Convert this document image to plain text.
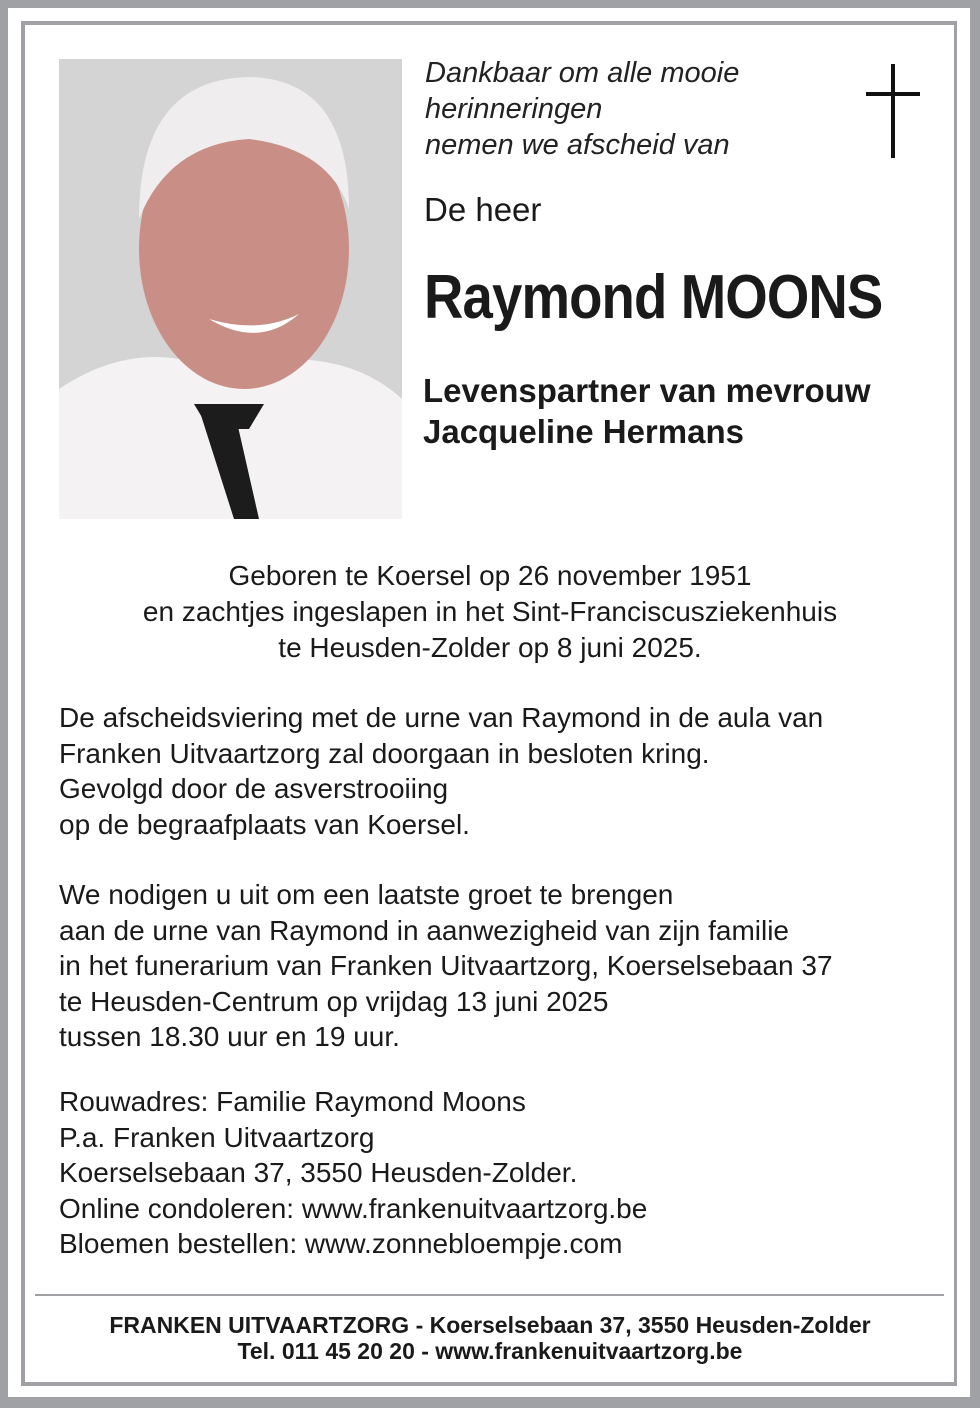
Dankbaar om alle mooie
herinneringen
nemen we afscheid van
De heer
Raymond MOONS
Levenspartner van mevrouw
Jacqueline Hermans
Geboren te Koersel op 26 november 1951
en zachtjes ingeslapen in het Sint-Franciscusziekenhuis
te Heusden-Zolder op 8 juni 2025.
De afscheidsviering met de urne van Raymond in de aula van
Franken Uitvaartzorg zal doorgaan in besloten kring.
Gevolgd door de asverstrooiing
op de begraafplaats van Koersel.
We nodigen u uit om een laatste groet te brengen
aan de urne van Raymond in aanwezigheid van zijn familie
in het funerarium van Franken Uitvaartzorg, Koerselsebaan 37
te Heusden-Centrum op vrijdag 13 juni 2025
tussen 18.30 uur en 19 uur.
Rouwadres: Familie Raymond Moons
P.a. Franken Uitvaartzorg
Koerselsebaan 37, 3550 Heusden-Zolder.
Online condoleren: www.frankenuitvaartzorg.be
Bloemen bestellen: www.zonnebloempje.com
FRANKEN UITVAARTZORG - Koerselsebaan 37, 3550 Heusden-Zolder
Tel. 011 45 20 20 - www.frankenuitvaartzorg.be
